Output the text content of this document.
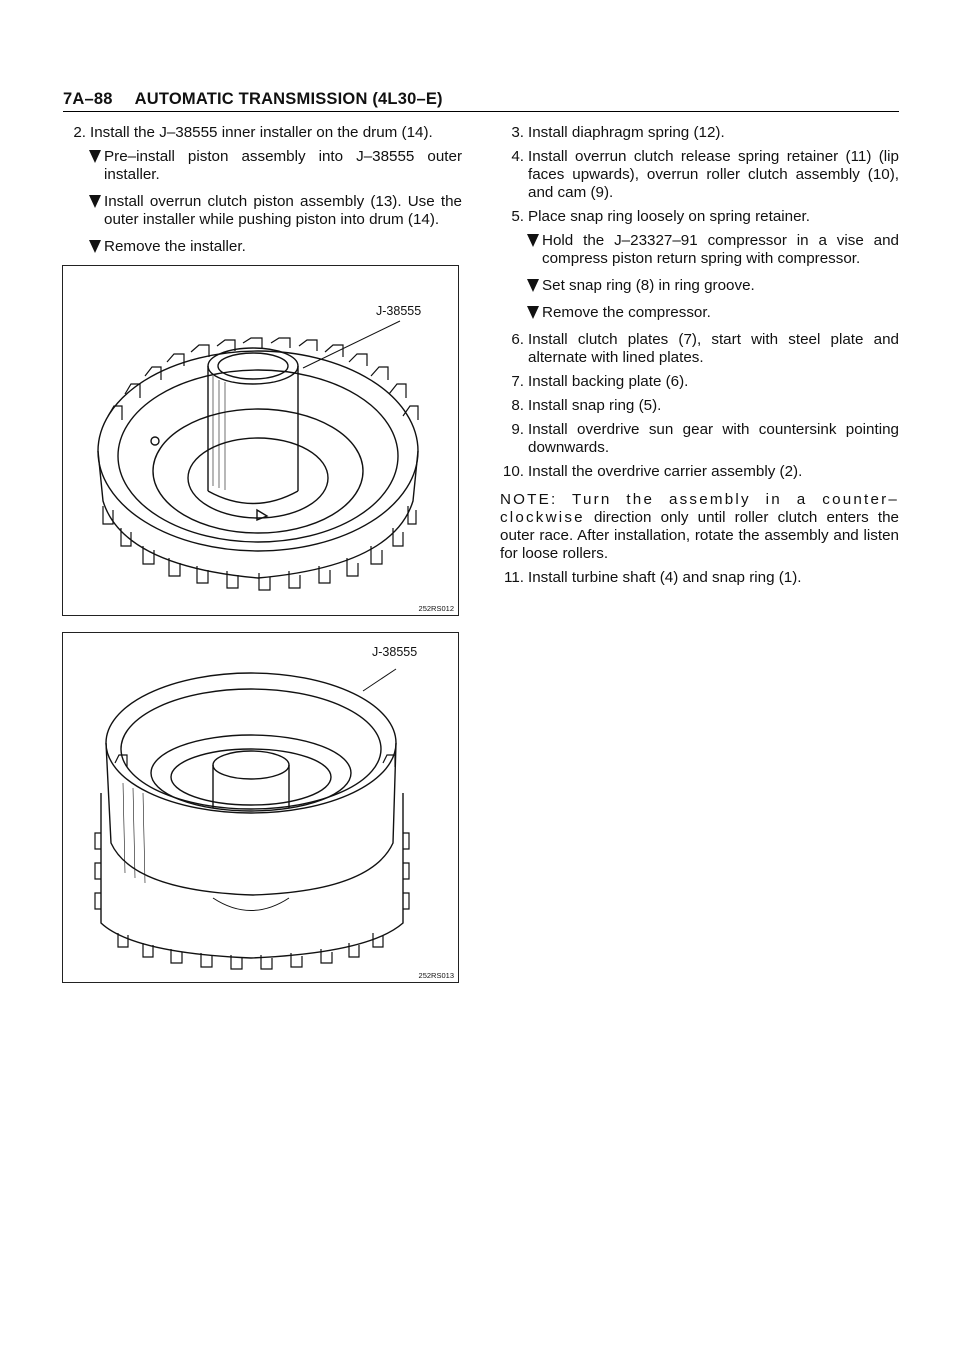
7A–88 AUTOMATIC TRANSMISSION (4L30–E)
2. Install the J–38555 inner installer on the drum (14).
Pre–install piston assembly into J–38555 outer installer.
Install overrun clutch piston assembly (13). Use the outer installer while pushing piston into drum (14).
Remove the installer.
J-38555
252RS012
J-38555
252RS013
3. Install diaphragm spring (12).
4. Install overrun clutch release spring retainer (11) (lip faces upwards), overrun roller clutch assembly (10), and cam (9).
5. Place snap ring loosely on spring retainer.
Hold the J–23327–91 compressor in a vise and compress piston return spring with compressor.
Set snap ring (8) in ring groove.
Remove the compressor.
6. Install clutch plates (7), start with steel plate and alternate with lined plates.
7. Install backing plate (6).
8. Install snap ring (5).
9. Install overdrive sun gear with countersink pointing downwards.
10. Install the overdrive carrier assembly (2).
NOTE: Turn the assembly in a counter–clockwise direction only until roller clutch enters the outer race. After installation, rotate the assembly and listen for loose rollers.
11. Install turbine shaft (4) and snap ring (1).
